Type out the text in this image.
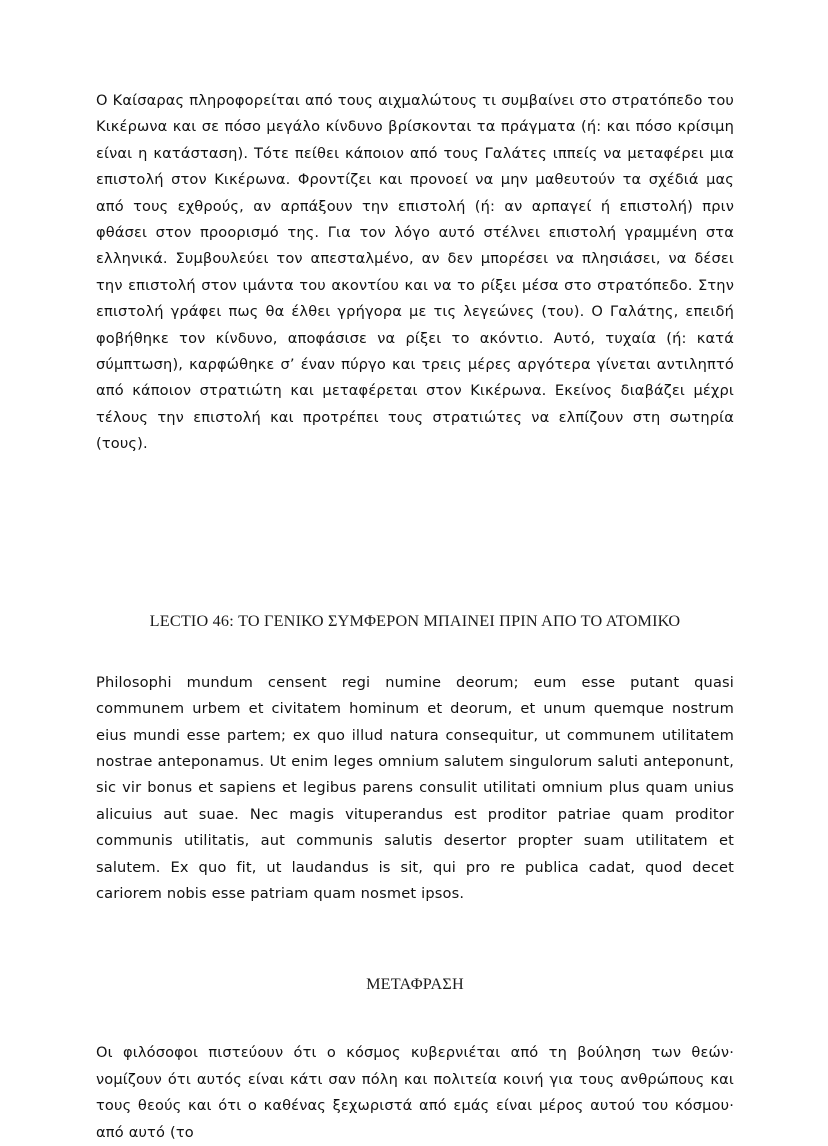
Ο Καίσαρας πληροφορείται από τους αιχμαλώτους τι συμβαίνει στο στρατόπεδο του Κικέρωνα και σε πόσο μεγάλο κίνδυνο βρίσκονται τα πράγματα (ή: και πόσο κρίσιμη είναι η κατάσταση). Τότε πείθει κάποιον από τους Γαλάτες ιππείς να μεταφέρει μια επιστολή στον Κικέρωνα. Φροντίζει και προνοεί να μην μαθευτούν τα σχέδιά μας από τους εχθρούς, αν αρπάξουν την επιστολή (ή: αν αρπαγεί ή επιστολή) πριν φθάσει στον προορισμό της. Για τον λόγο αυτό στέλνει επιστολή γραμμένη στα ελληνικά. Συμβουλεύει τον απεσταλμένο, αν δεν μπορέσει να πλησιάσει, να δέσει την επιστολή στον ιμάντα του ακοντίου και να το ρίξει μέσα στο στρατόπεδο. Στην επιστολή γράφει πως θα έλθει γρήγορα με τις λεγεώνες (του). Ο Γαλάτης, επειδή φοβήθηκε τον κίνδυνο, αποφάσισε να ρίξει το ακόντιο. Αυτό, τυχαία (ή: κατά σύμπτωση), καρφώθηκε σ’ έναν πύργο και τρεις μέρες αργότερα γίνεται αντιληπτό από κάποιον στρατιώτη και μεταφέρεται στον Κικέρωνα. Εκείνος διαβάζει μέχρι τέλους την επιστολή και προτρέπει τους στρατιώτες να ελπίζουν στη σωτηρία (τους).

LECTIO 46: ΤΟ ΓΕΝΙΚΟ ΣΥΜΦΕΡΟΝ ΜΠΑΙΝΕΙ ΠΡΙΝ ΑΠΟ ΤΟ ΑΤΟΜΙΚΟ

Philosophi mundum censent regi numine deorum; eum esse putant quasi communem urbem et civitatem hominum et deorum, et unum quemque nostrum eius mundi esse partem; ex quo illud natura consequitur, ut communem utilitatem nostrae anteponamus. Ut enim leges omnium salutem singulorum saluti anteponunt, sic vir bonus et sapiens et legibus parens consulit utilitati omnium plus quam unius alicuius aut suae. Nec magis vituperandus est proditor patriae quam proditor communis utilitatis, aut communis salutis desertor propter suam utilitatem et salutem. Ex quo fit, ut laudandus is sit, qui pro re publica cadat, quod decet cariorem nobis esse patriam quam nosmet ipsos.

ΜΕΤΑΦΡΑΣΗ

Οι φιλόσοφοι πιστεύουν ότι ο κόσμος κυβερνιέται από τη βούληση των θεών· νομίζουν ότι αυτός είναι κάτι σαν πόλη και πολιτεία κοινή για τους ανθρώπους και τους θεούς και ότι ο καθένας ξεχωριστά από εμάς είναι μέρος αυτού του κόσμου· από αυτό (το
